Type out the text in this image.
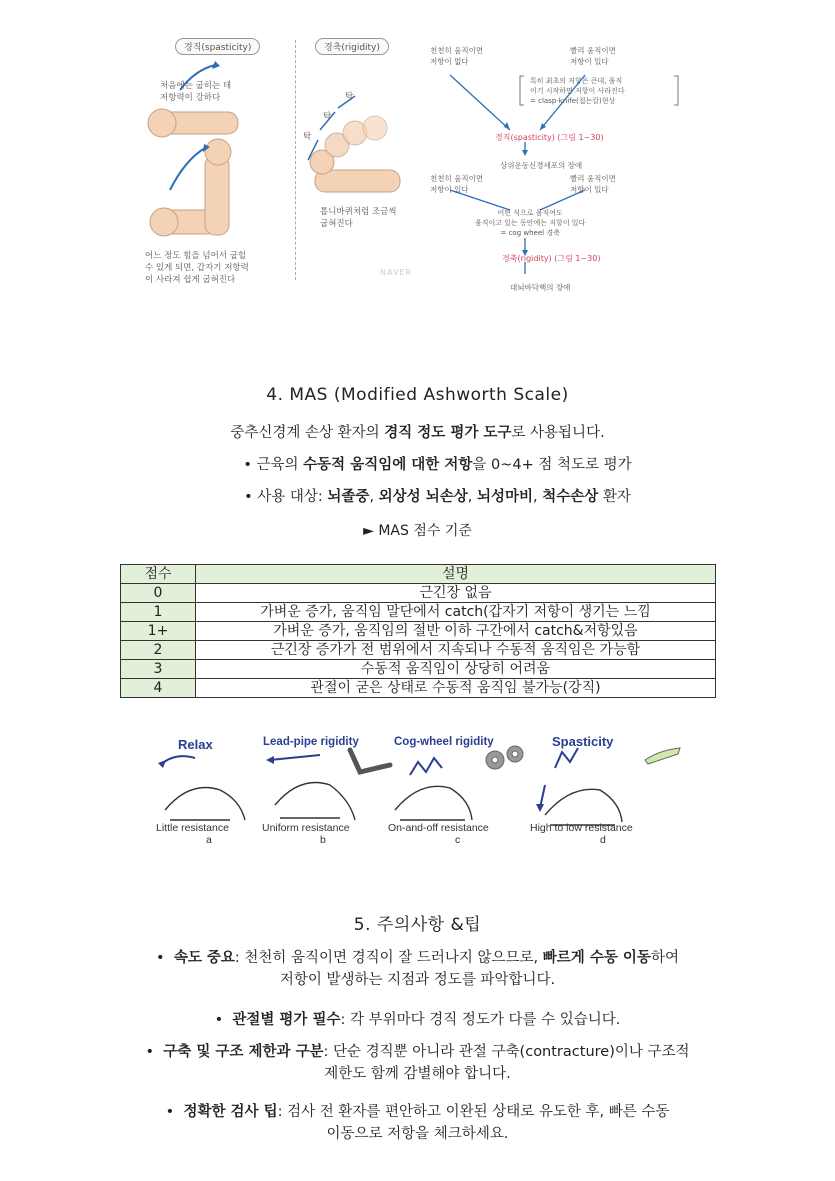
경직(spasticity)	경축(rigidity)
처음에는 굽히는 데
저항력이 강하다
어느 정도 힘을 넘어서 굽힐
수 있게 되면, 갑자기 저항력
이 사라져 쉽게 굽혀진다
탁
탁
탁
톱니바퀴처럼 조금씩
굽혀진다
NAVER
천천히 움직이면
저항이 없다
빨리 움직이면
저항이 있다
특히 최초의 저항은 큰데, 움직
이기 시작하면 저항이 사라진다
= clasp-knife(접는칼)현상
경직(spasticity) (그림 1~30)
상위운동신경세포의 장애
천천히 움직이면
저항이 있다
빨리 움직이면
저항이 있다
어떤 식으로 움직여도
움직이고 있는 동안에는 저항이 있다
= cog wheel 경축
경축(rigidity) (그림 1~30)
대뇌바닥핵의 장애
4. MAS (Modified Ashworth Scale)
중추신경계 손상 환자의 경직 정도 평가 도구로 사용됩니다.
• 근육의 수동적 움직임에 대한 저항을 0~4+ 점 척도로 평가
• 사용 대상: 뇌졸중, 외상성 뇌손상, 뇌성마비, 척수손상 환자
► MAS 점수 기준
점수	설명
0	근긴장 없음
1	가벼운 증가, 움직임 말단에서 catch(갑자기 저항이 생기는 느낌
1+	가벼운 증가, 움직임의 절반 이하 구간에서 catch&저항있음
2	근긴장 증가가 전 범위에서 지속되나 수동적 움직임은 가능함
3	수동적 움직임이 상당히 어려움
4	관절이 굳은 상태로 수동적 움직임 불가능(강직)
Relax	Lead-pipe rigidity	Cog-wheel rigidity	Spasticity
Little resistance	Uniform resistance	On-and-off resistance	High to low resistance
a	b	c	d
5. 주의사항 &팁
• 속도 중요: 천천히 움직이면 경직이 잘 드러나지 않으므로, 빠르게 수동 이동하여
저항이 발생하는 지점과 정도를 파악합니다.
• 관절별 평가 필수: 각 부위마다 경직 정도가 다를 수 있습니다.
• 구축 및 구조 제한과 구분: 단순 경직뿐 아니라 관절 구축(contracture)이나 구조적
제한도 함께 감별해야 합니다.
• 정확한 검사 팁: 검사 전 환자를 편안하고 이완된 상태로 유도한 후, 빠른 수동
이동으로 저항을 체크하세요.
